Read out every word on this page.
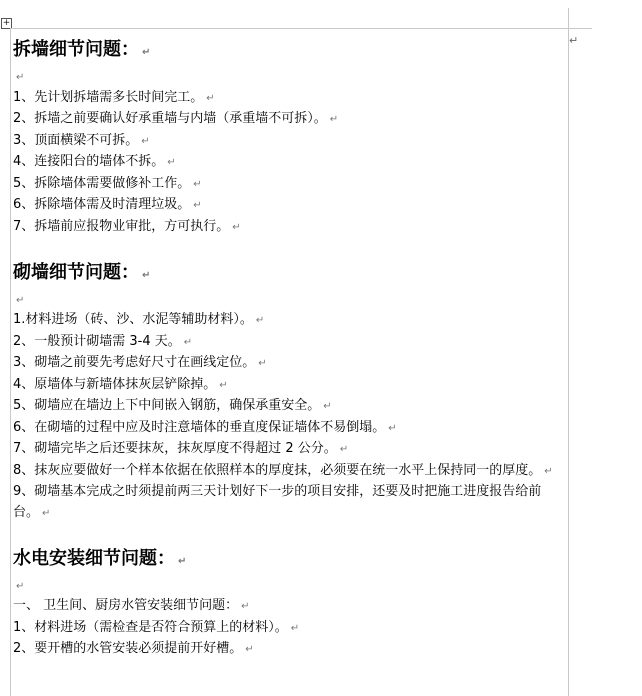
+
↵
拆墙细节问题： ↵
↵
1、先计划拆墙需多长时间完工。 ↵
2、拆墙之前要确认好承重墙与内墙（承重墙不可拆）。 ↵
3、顶面横梁不可拆。 ↵
4、连接阳台的墙体不拆。 ↵
5、拆除墙体需要做修补工作。 ↵
6、拆除墙体需及时清理垃圾。 ↵
7、拆墙前应报物业审批，方可执行。 ↵
砌墙细节问题： ↵
↵
1.材料进场（砖、沙、水泥等辅助材料）。 ↵
2、一般预计砌墙需 3-4 天。 ↵
3、砌墙之前要先考虑好尺寸在画线定位。 ↵
4、原墙体与新墙体抹灰层铲除掉。 ↵
5、砌墙应在墙边上下中间嵌入钢筋，确保承重安全。 ↵
6、在砌墙的过程中应及时注意墙体的垂直度保证墙体不易倒塌。 ↵
7、砌墙完毕之后还要抹灰，抹灰厚度不得超过 2 公分。 ↵
8、抹灰应要做好一个样本依据在依照样本的厚度抹，必须要在统一水平上保持同一的厚度。 ↵
9、砌墙基本完成之时须提前两三天计划好下一步的项目安排，还要及时把施工进度报告给前台。 ↵
水电安装细节问题： ↵
↵
一、 卫生间、厨房水管安装细节问题： ↵
1、材料进场（需检查是否符合预算上的材料）。 ↵
2、要开槽的水管安装必须提前开好槽。 ↵
